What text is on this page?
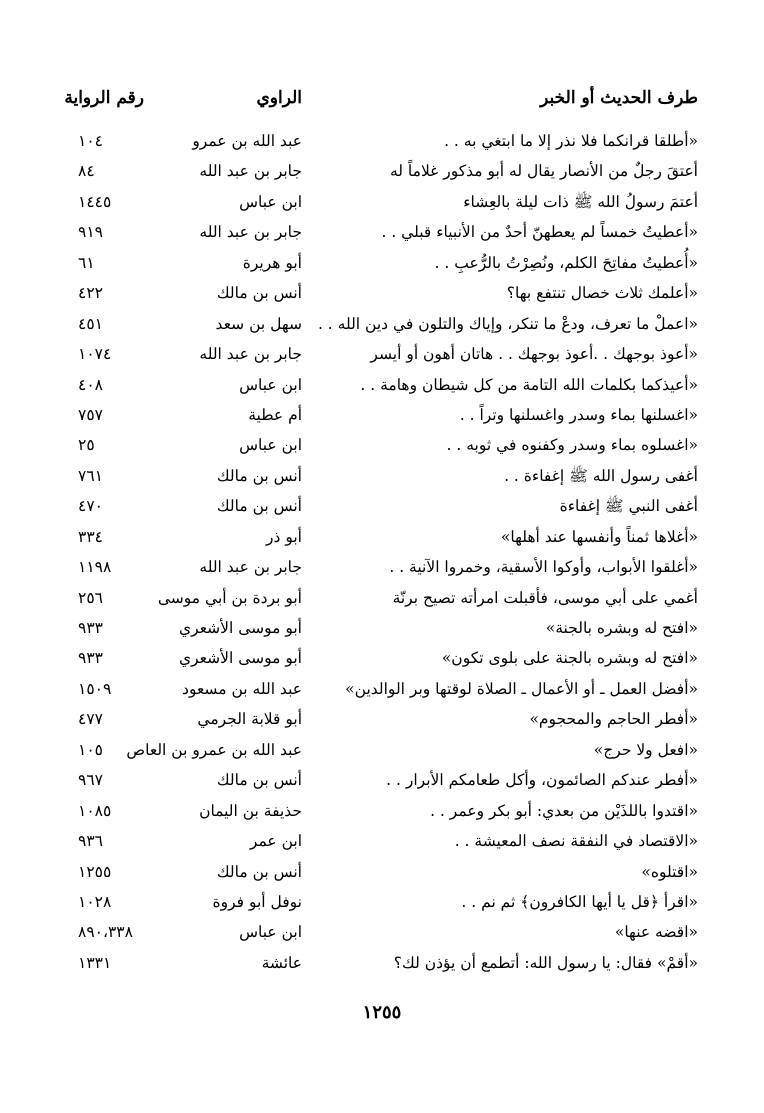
طرف الحديث أو الخبر
الراوي
رقم الرواية
«أطلقا قرانكما فلا نذر إلا ما ابتغي به . .
عبد الله بن عمرو
١٠٤
أعتقَ رجلٌ من الأنصار يقال له أبو مذكور غلاماً له
جابر بن عبد الله
٨٤
أعتمَ رسولُ الله ﷺ ذات ليلة بالعِشاء
ابن عباس
١٤٤٥
«أعطيتُ خمساً لم يعطهنّ أحدٌ من الأنبياء قبلي . .
جابر بن عبد الله
٩١٩
«أُعطيتُ مفاتِحَ الكلم، ونُصِرْتُ بالرُّعبِ . .
أبو هريرة
٦١
«أعلمك ثلاث خصال تنتفع بها؟
أنس بن مالك
٤٢٢
«اعملْ ما تعرف، ودعْ ما تنكر، وإياك والتلون في دين الله . .
سهل بن سعد
٤٥١
«أعوذ بوجهك . .أعوذ بوجهك . . هاتان أهون أو أيسر
جابر بن عبد الله
١٠٧٤
«أعيذكما بكلمات الله التامة من كل شيطان وهامة . .
ابن عباس
٤٠٨
«اغسلنها بماء وسدر واغسلنها وتراً . .
أم عطية
٧٥٧
«اغسلوه بماء وسدر وكفنوه في ثوبه . .
ابن عباس
٢٥
أغفى رسول الله ﷺ إغفاءة . .
أنس بن مالك
٧٦١
أغفى النبي ﷺ إغفاءة
أنس بن مالك
٤٧٠
«أغلاها ثمناً وأنفسها عند أهلها»
أبو ذر
٣٣٤
«أغلقوا الأبواب، وأوكوا الأسقية، وخمروا الآنية . .
جابر بن عبد الله
١١٩٨
أغمي على أبي موسى، فأقبلت امرأته تصيح برنّة
أبو بردة بن أبي موسى
٢٥٦
«افتح له وبشره بالجنة»
أبو موسى الأشعري
٩٣٣
«افتح له وبشره بالجنة على بلوى تكون»
أبو موسى الأشعري
٩٣٣
«أفضل العمل ـ أو الأعمال ـ الصلاة لوقتها وبر الوالدين»
عبد الله بن مسعود
١٥٠٩
«أفطر الحاجم والمحجوم»
أبو قلابة الجرمي
٤٧٧
«افعل ولا حرج»
عبد الله بن عمرو بن العاص
١٠٥
«أفطر عندكم الصائمون، وأكل طعامكم الأبرار . .
أنس بن مالك
٩٦٧
«اقتدوا باللذَيْن من بعدي: أبو بكر وعمر . .
حذيفة بن اليمان
١٠٨٥
«الاقتصاد في النفقة نصف المعيشة . .
ابن عمر
٩٣٦
«اقتلوه»
أنس بن مالك
١٢٥٥
«اقرأ ﴿قل يا أيها الكافرون﴾ ثم نم . .
نوفل أبو فروة
١٠٢٨
«اقضه عنها»
ابن عباس
٨٩٠،٣٣٨
«أقمْ» فقال: يا رسول الله: أتطمع أن يؤذن لك؟
عائشة
١٣٣١
١٢٥٥
